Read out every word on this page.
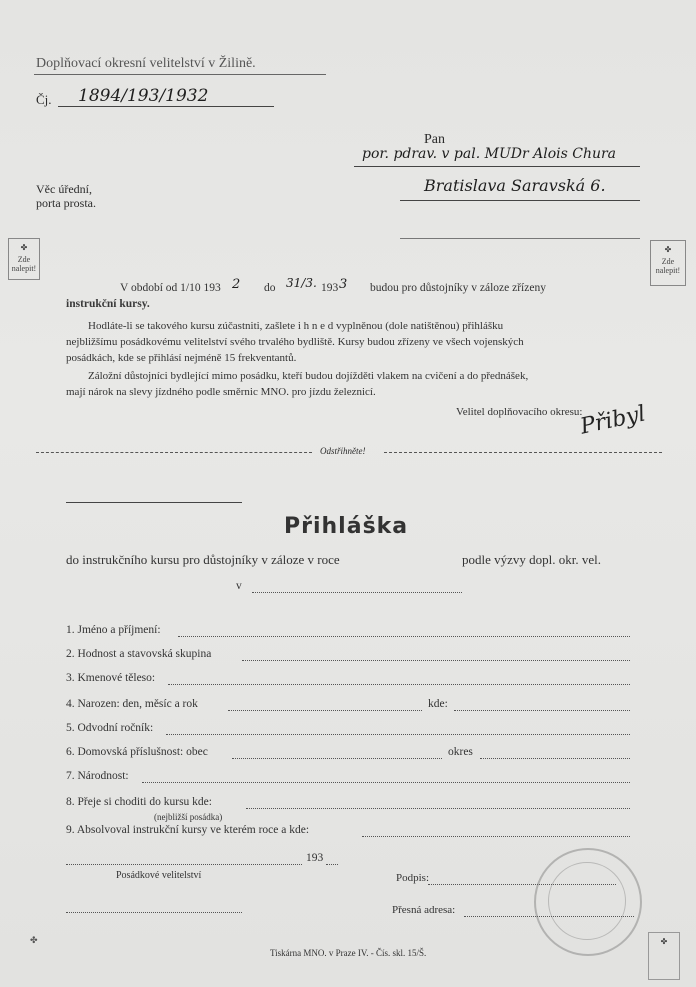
Doplňovací okresní velitelství v Žilině.
Čj. 1894/193/1932
Pan
por. pdrav. v pal. MUDr Alois Chura
Bratislava Saravská 6.
Věc úřední,
porta prosta.
✤
Zde nalepit!
✤
Zde nalepit!
V období od 1/10 193 2 do 31/3. 193 3 budou pro důstojníky v záloze zřízeny
instrukční kursy.
Hodláte-li se takového kursu zúčastniti, zašlete i h n e d vyplněnou (dole natištěnou) přihlášku
nejbližšímu posádkovému velitelství svého trvalého bydliště. Kursy budou zřízeny ve všech vojenských
posádkách, kde se přihlásí nejméně 15 frekventantů.
Záložní důstojníci bydlející mimo posádku, kteří budou dojížděti vlakem na cvičení a do přednášek,
mají nárok na slevy jízdného podle směrnic MNO. pro jízdu železnicí.
Velitel doplňovacího okresu:
Přibyl
Odstřihněte!
Přihláška
do instrukčního kursu pro důstojníky v záloze v roce	podle výzvy dopl. okr. vel.
v
1. Jméno a příjmení:
2. Hodnost a stavovská skupina
3. Kmenové těleso:
4. Narozen: den, měsíc a rok	kde:
5. Odvodní ročník:
6. Domovská příslušnost: obec	okres
7. Národnost:
8. Přeje si choditi do kursu kde:
(nejbližší posádka)
9. Absolvoval instrukční kursy ve kterém roce a kde:
193
Posádkové velitelství	Podpis:
Přesná adresa:
Tiskárna MNO. v Praze IV. - Čís. skl. 15/Š.
✤	✤
